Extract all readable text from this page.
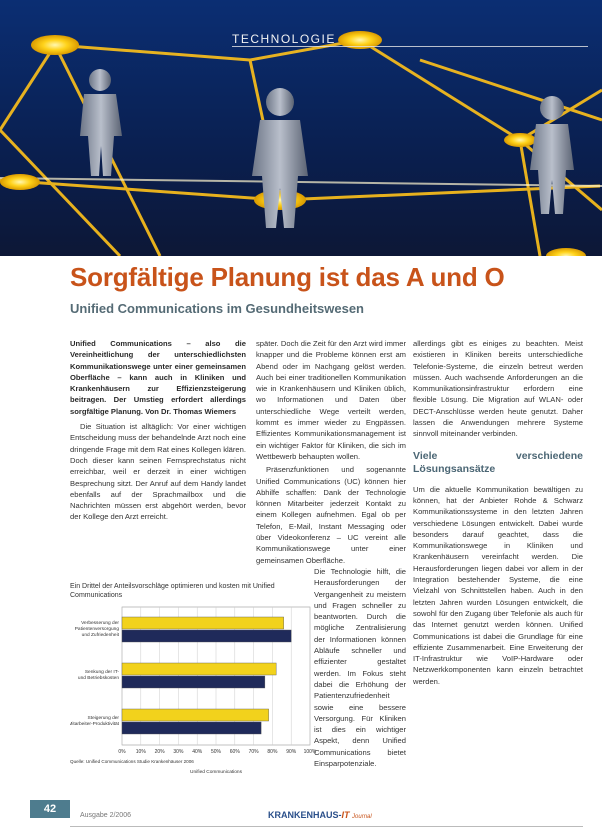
TECHNOLOGIE
Sorgfältige Planung ist das A und O
Unified Communications im Gesundheitswesen

Unified Communications – also die Vereinheitlichung der unterschiedlichsten Kommunikationswege unter einer gemeinsamen Oberfläche – kann auch in Kliniken und Krankenhäusern zur Effizienzsteigerung beitragen. Der Umstieg erfordert allerdings sorgfältige Planung. Von Dr. Thomas Wiemers

Die Situation ist alltäglich: Vor einer wichtigen Entscheidung muss der behandelnde Arzt noch eine dringende Frage mit dem Rat eines Kollegen klären. Doch dieser kann seinen Fernsprechstatus nicht erreichbar, weil er derzeit in einer wichtigen Besprechung sitzt. Der Anruf auf dem Handy landet ebenfalls auf der Sprachmailbox und die Nachrichten müssen erst abgehört werden, bevor der Kollege den Arzt erreicht.

später. Doch die Zeit für den Arzt wird immer knapper und die Probleme können erst am Abend oder im Nachgang gelöst werden. Auch bei einer traditionellen Kommunikation wie in Krankenhäusern und Kliniken üblich, wo Informationen und Daten über unterschiedliche Wege verteilt werden, kommt es immer wieder zu Engpässen. Effizientes Kommunikationsmanagement ist ein wichtiger Faktor für Kliniken, die sich im Wettbewerb behaupten wollen.

Präsenzfunktionen und sogenannte Unified Communications (UC) können hier Abhilfe schaffen: Dank der Technologie können Mitarbeiter jederzeit Kontakt zu einem Kollegen aufnehmen. Egal ob per Telefon, E-Mail, Instant Messaging oder über Videokonferenz – UC vereint alle Kommunikationswege unter einer gemeinsamen Oberfläche.

Die Technologie hilft, die Herausforderungen der Vergangenheit zu meistern und Fragen schneller zu beantworten. Durch die mögliche Zentralisierung der Informationen können Abläufe schneller und effizienter gestaltet werden. Im Fokus steht dabei die Erhöhung der Patientenzufriedenheit sowie eine bessere Versorgung. Für Kliniken ist dies ein wichtiger Aspekt, denn Unified Communications bietet Einsparpotenziale.

allerdings gibt es einiges zu beachten. Meist existieren in Kliniken bereits unterschiedliche Telefonie-Systeme, die einzeln betreut werden müssen. Auch wachsende Anforderungen an die Kommunikationsinfrastruktur erfordern eine flexible Lösung. Die Migration auf WLAN- oder DECT-Anschlüsse werden heute genutzt. Daher lassen die Anwendungen mehrere Systeme sinnvoll miteinander verbinden.

Viele verschiedene Lösungsansätze

Um die aktuelle Kommunikation bewältigen zu können, hat der Anbieter Rohde & Schwarz Kommunikationssysteme in den letzten Jahren verschiedene Lösungen entwickelt. Dabei wurde besonders darauf geachtet, dass die Kommunikationswege in Kliniken und Krankenhäusern vereinfacht werden. Die Herausforderungen liegen dabei vor allem in der Integration bestehender Systeme, die eine Vielzahl von Schnittstellen haben. Auch in den letzten Jahren wurden Lösungen entwickelt, die sowohl für den Zugang über Telefonie als auch für das Internet genutzt werden können. Unified Communications ist dabei die Grundlage für eine effiziente Zusammenarbeit. Eine Erweiterung der IT-Infrastruktur wie VoIP-Hardware oder Netzwerkkomponenten kann einzeln betrachtet werden.

Ein Drittel der Anteilsvorschläge optimieren und kosten mit Unified Communications

0% 10% 20% 30% 40% 50% 60% 70% 80% 90% 100%
Verbesserung der Patientenversorgung und Zufriedenheit
Senkung der IT-und Betriebskosten
Steigerung der Mitarbeiter-Produktivität
Quelle: Unified Communications Studie Krankenhäuser 2006
Unified Communications
42
Ausgabe 2/2006	KRANKENHAUS-IT Journal
